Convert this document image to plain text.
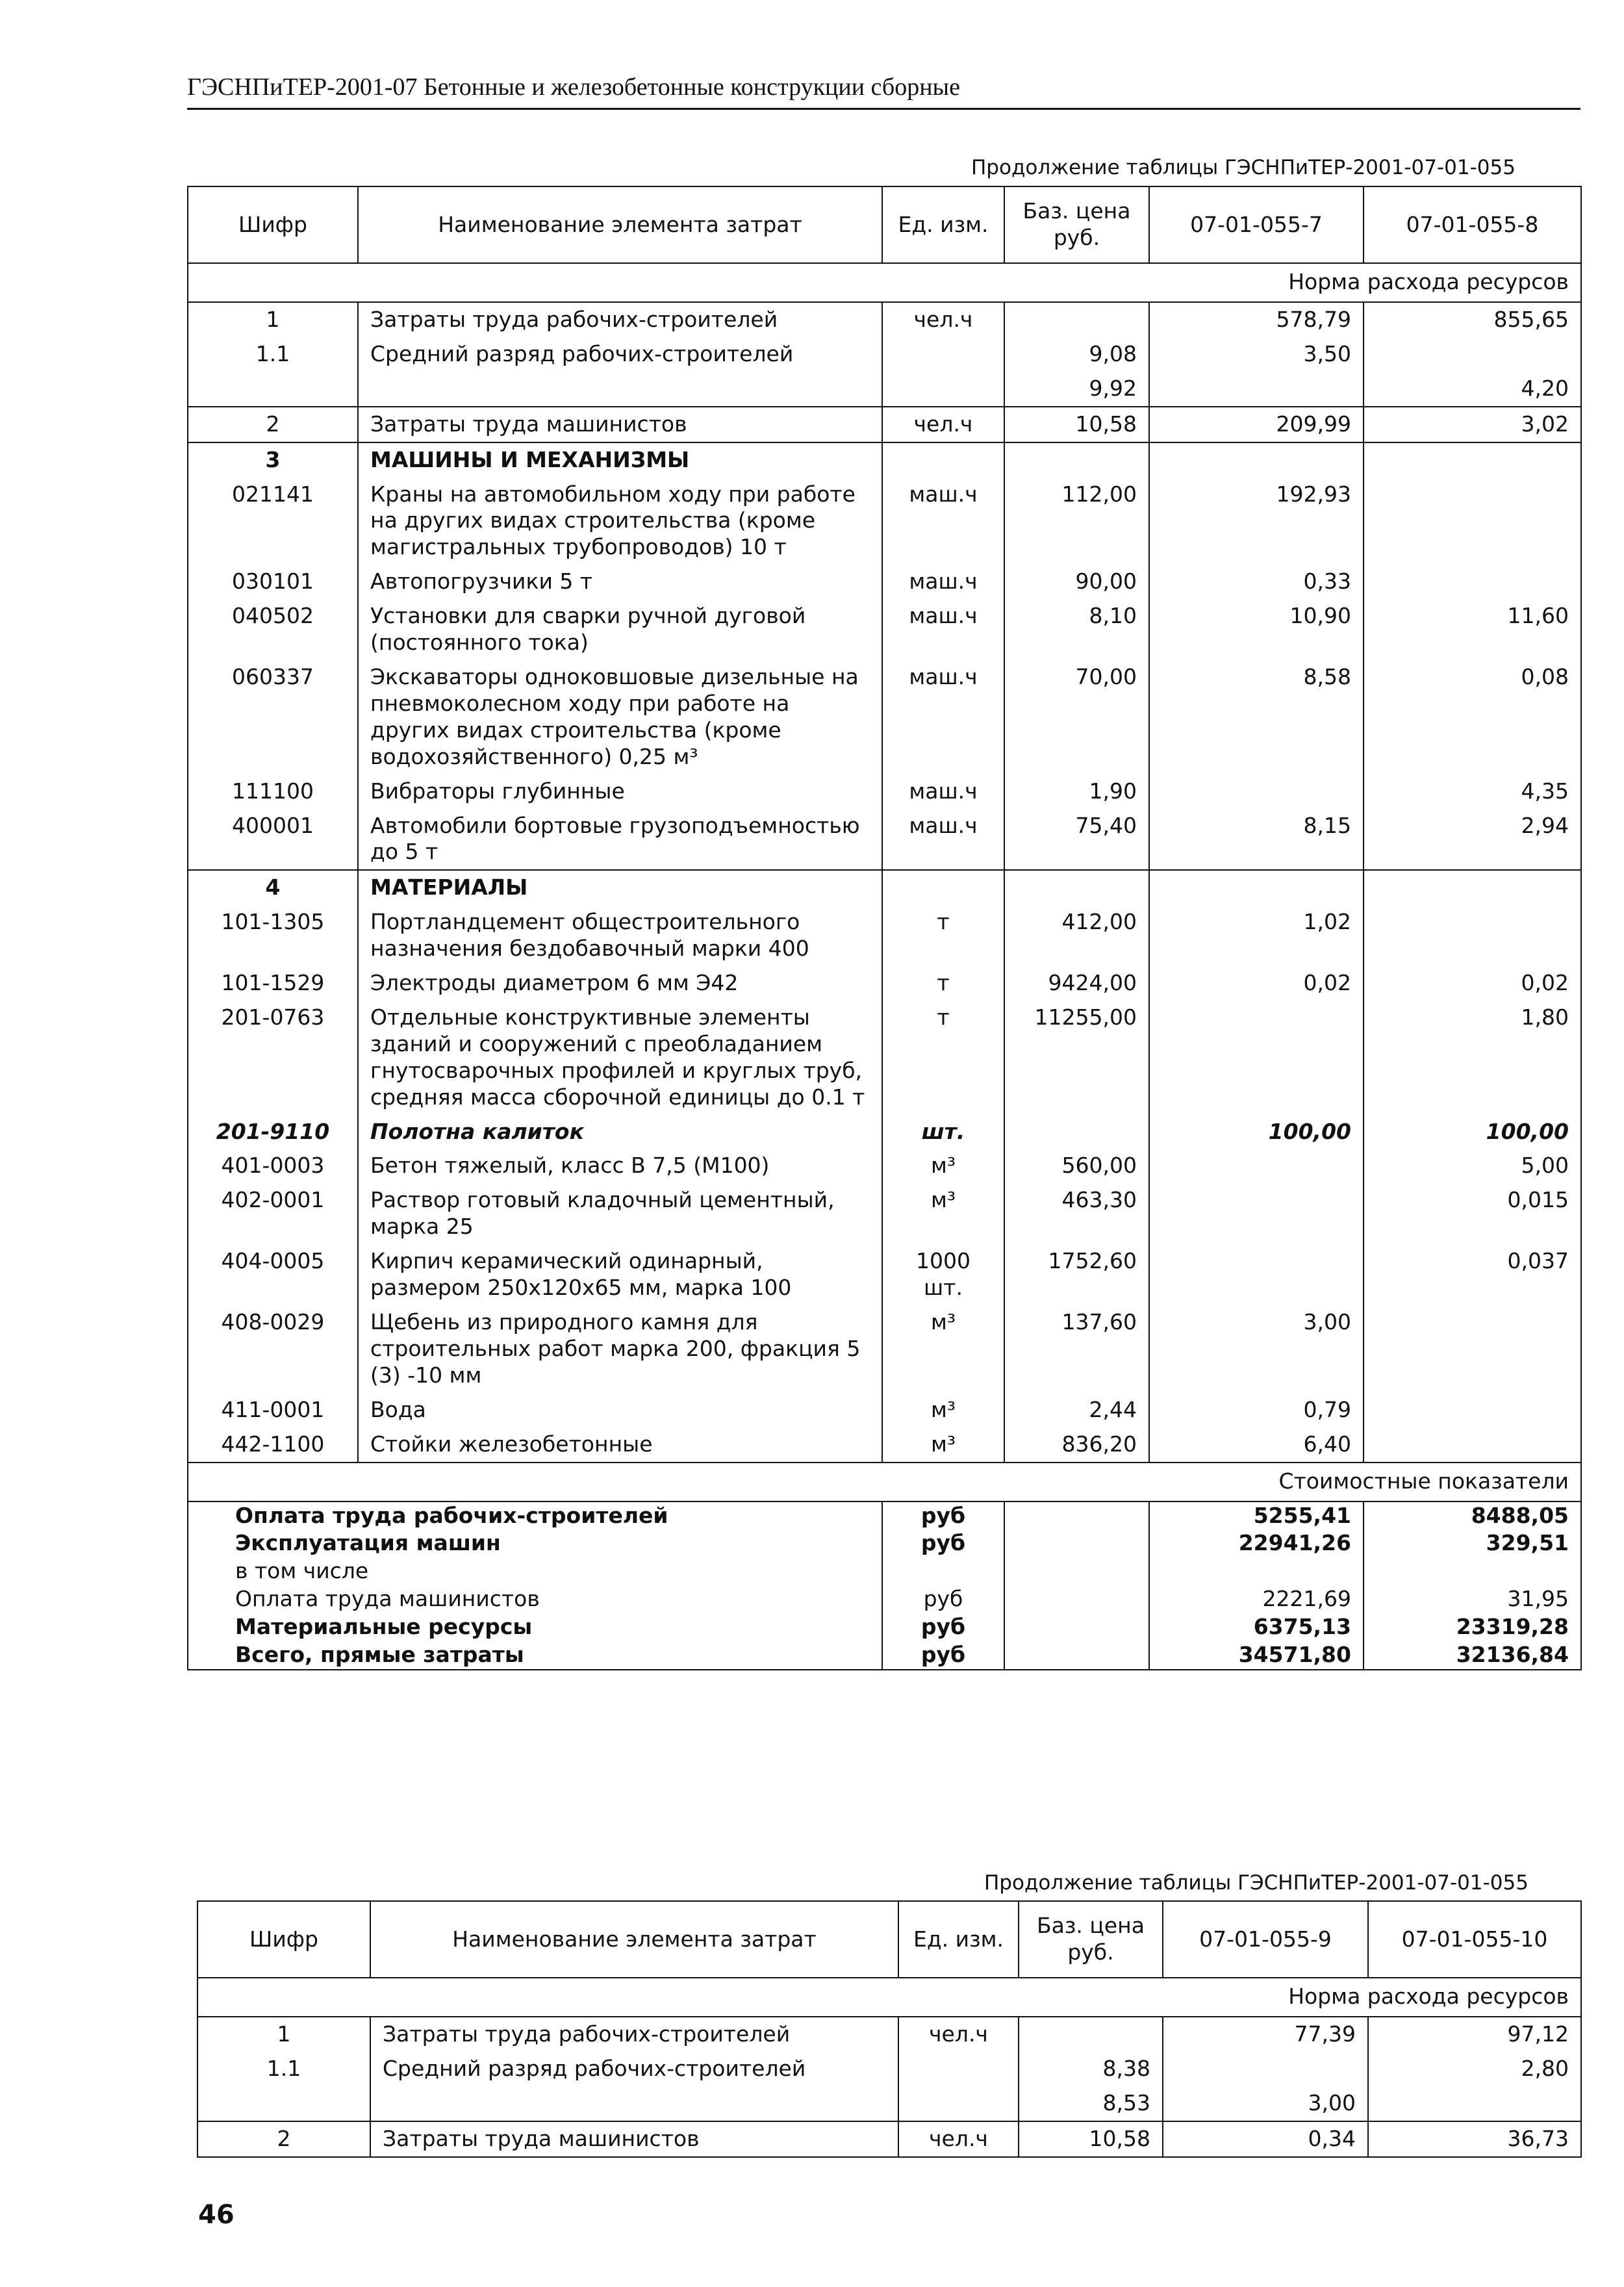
ГЭСНПиТЕР-2001-07 Бетонные и железобетонные конструкции сборные
Продолжение таблицы ГЭСНПиТЕР-2001-07-01-055
Шифр	Наименование элемента затрат	Ед. изм.	Баз. цена руб.	07-01-055-7	07-01-055-8
Норма расхода ресурсов					
1	Затраты труда рабочих-строителей	чел.ч		578,79	855,65
1.1	Средний разряд рабочих-строителей		9,08	3,50	
			9,92		4,20
2	Затраты труда машинистов	чел.ч	10,58	209,99	3,02
3	МАШИНЫ И МЕХАНИЗМЫ				
021141	Краны на автомобильном ходу при работе на других видах строительства (кроме магистральных трубопроводов) 10 т	маш.ч	112,00	192,93	
030101	Автопогрузчики 5 т	маш.ч	90,00	0,33	
040502	Установки для сварки ручной дуговой (постоянного тока)	маш.ч	8,10	10,90	11,60
060337	Экскаваторы одноковшовые дизельные на пневмоколесном ходу при работе на других видах строительства (кроме водохозяйственного) 0,25 м³	маш.ч	70,00	8,58	0,08
111100	Вибраторы глубинные	маш.ч	1,90		4,35
400001	Автомобили бортовые грузоподъемностью до 5 т	маш.ч	75,40	8,15	2,94
4	МАТЕРИАЛЫ				
101-1305	Портландцемент общестроительного назначения бездобавочный марки 400	т	412,00	1,02	
101-1529	Электроды диаметром 6 мм Э42	т	9424,00	0,02	0,02
201-0763	Отдельные конструктивные элементы зданий и сооружений с преобладанием гнутосварочных профилей и круглых труб, средняя масса сборочной единицы до 0.1 т	т	11255,00		1,80
201-9110	Полотна калиток	шт.		100,00	100,00
401-0003	Бетон тяжелый, класс В 7,5 (М100)	м³	560,00		5,00
402-0001	Раствор готовый кладочный цементный, марка 25	м³	463,30		0,015
404-0005	Кирпич керамический одинарный, размером 250х120х65 мм, марка 100	1000 шт.	1752,60		0,037
408-0029	Щебень из природного камня для строительных работ марка 200, фракция 5 (3) -10 мм	м³	137,60	3,00	
411-0001	Вода	м³	2,44	0,79	
442-1100	Стойки железобетонные	м³	836,20	6,40	
Стоимостные показатели					
Оплата труда рабочих-строителей		руб		5255,41	8488,05
Эксплуатация машин		руб		22941,26	329,51
в том числе					
Оплата труда машинистов		руб		2221,69	31,95
Материальные ресурсы		руб		6375,13	23319,28
Всего, прямые затраты		руб		34571,80	32136,84
Продолжение таблицы ГЭСНПиТЕР-2001-07-01-055
Шифр	Наименование элемента затрат	Ед. изм.	Баз. цена руб.	07-01-055-9	07-01-055-10
Норма расхода ресурсов					
1	Затраты труда рабочих-строителей	чел.ч		77,39	97,12
1.1	Средний разряд рабочих-строителей		8,38		2,80
			8,53	3,00	
2	Затраты труда машинистов	чел.ч	10,58	0,34	36,73
46
